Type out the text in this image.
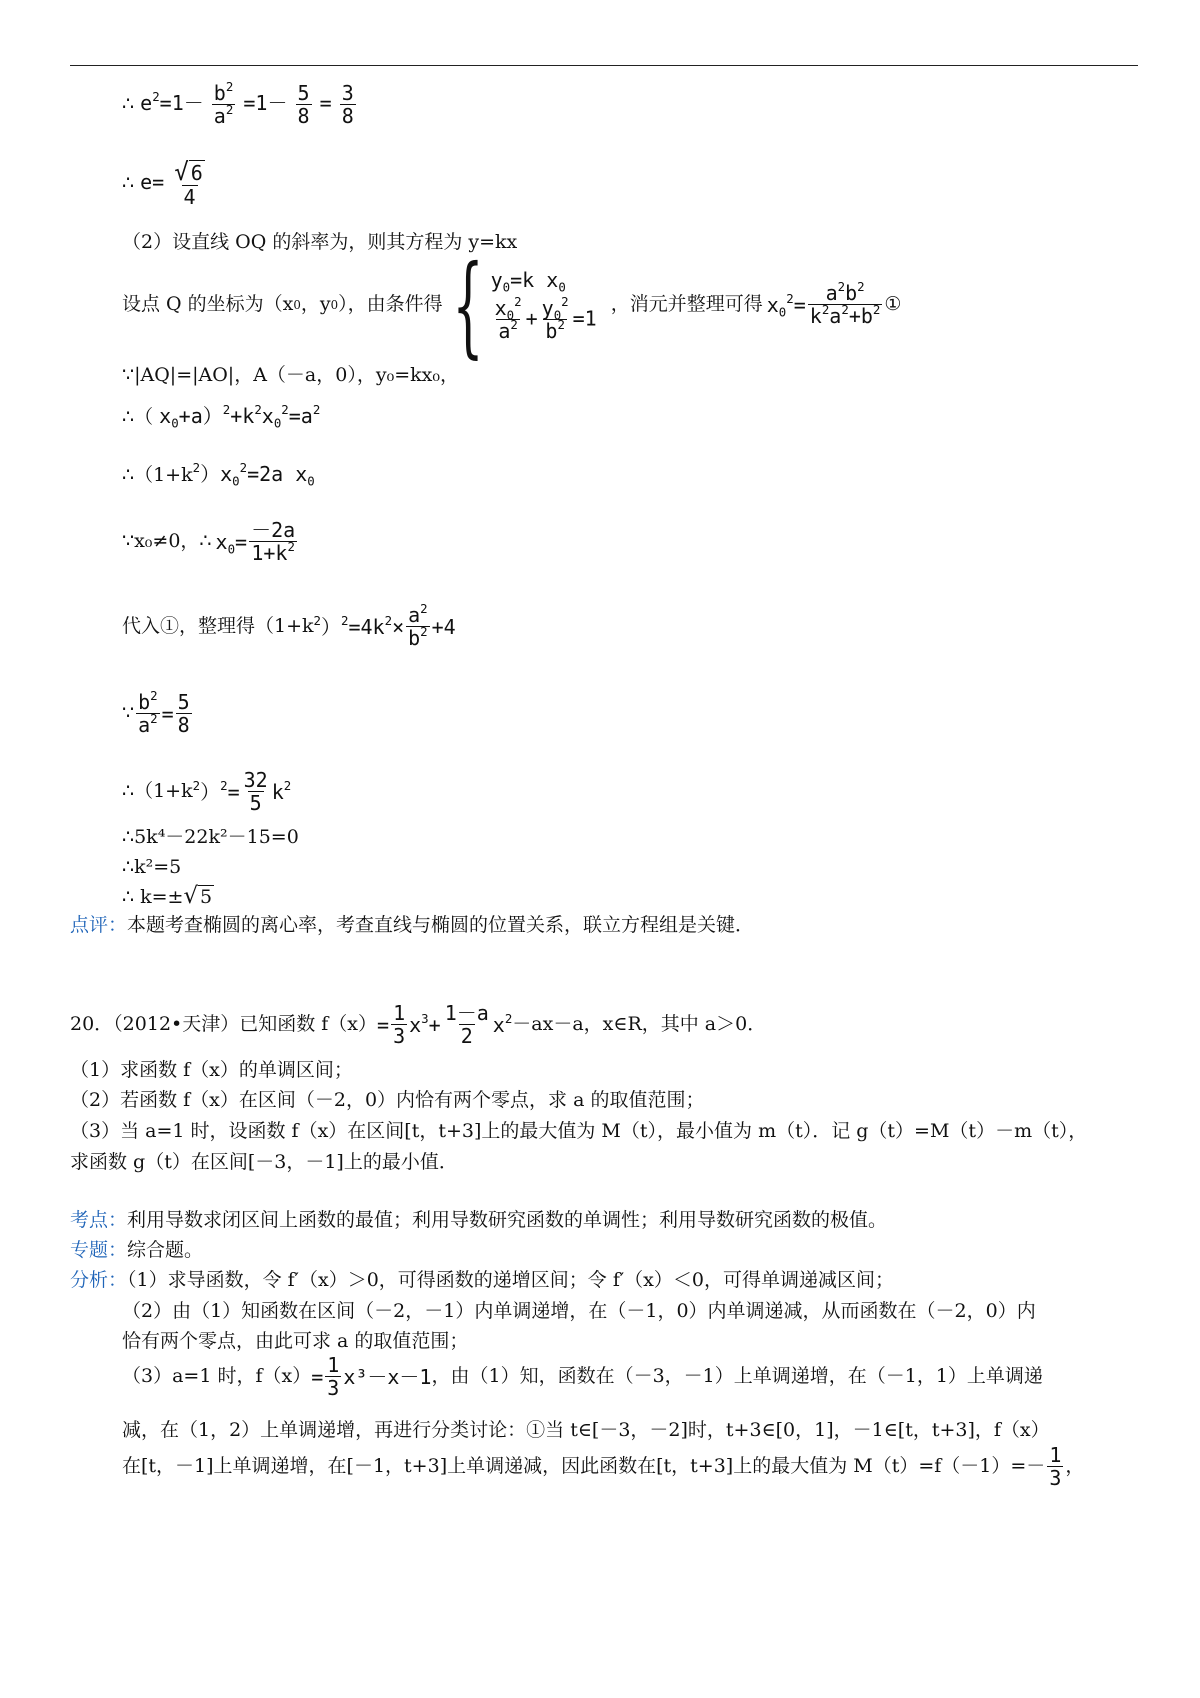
∴ $e^2=1- \frac{b^2}{a^2} =1- \frac{5}{8} = \frac{3}{8}$
∴ $e= \frac{√ 6}{4}$
（2）设直线 OQ 的斜率为，则其方程为 y=kx
设点 Q 的坐标为（x 0 ，y 0 ），由条件得 { $y_0=k$ $x_0$
$\frac{x_0^2}{a^2} + \frac{y_0^2}{b^2} =1$
，消元并整理可得 $x_0^2= \frac{a^2b^2}{k^2a^2+b^2}$ ①
∵|AQ|=|AO|，A（－a，0），y₀=kx₀，
∴（ $x_0+a)^2+k^2x_0^2=a^2$
$\therefore(1+k^2)x_0^2=2a$ $x_0$
∵x₀≠0，∴ $x_0= \frac{-2a}{1+k^2}$
代入①，整理得（1+k $^2)^2=4k^2\times \frac{a^2}{b^2} +4$
∵ $\frac{b^2}{a^2} = \frac{5}{8}$
∴（1+k $^2)^2= \frac{32}{5} k^2$
∴5k⁴－22k²－15=0
∴k²=5
∴ k=±√ 5
点评：本题考查椭圆的离心率，考查直线与椭圆的位置关系，联立方程组是关键．
20．（2012•天津）已知函数 $f(x) = \frac{1}{3} x^3+ \frac{1-a}{2} x^2 -ax-a$，x∈R，其中 a＞0．
（1）求函数 f（x）的单调区间；
（2）若函数 f（x）在区间（－2，0）内恰有两个零点，求 a 的取值范围；
（3）当 a=1 时，设函数 f（x）在区间[t，t+3]上的最大值为 M（t），最小值为 m（t）．记 g（t）=M（t）－m（t），
求函数 g（t）在区间[－3，－1]上的最小值．
考点：利用导数求闭区间上函数的最值；利用导数研究函数的单调性；利用导数研究函数的极值。
专题：综合题。
分析：（1）求导函数，令 f′（x）＞0，可得函数的递增区间；令 f′（x）＜0，可得单调递减区间；
（2）由（1）知函数在区间（－2，－1）内单调递增，在（－1，0）内单调递减，从而函数在（－2，0）内
恰有两个零点，由此可求 a 的取值范围；
（3）a=1 时，$f(x) = \frac{1}{3} x^3-x-1$ ，由（1）知，函数在（－3，－1）上单调递增，在（－1，1）上单调递
减，在（1，2）上单调递增，再进行分类讨论：①当 t∈[－3，－2]时，t+3∈[0，1]，－1∈[t，t+3]，f（x）
在[t，－1]上单调递增，在[－1，t+3]上单调递减，因此函数在[t，t+3]上的最大值为 M（t）=f（－1）=－ 1
3 ，
